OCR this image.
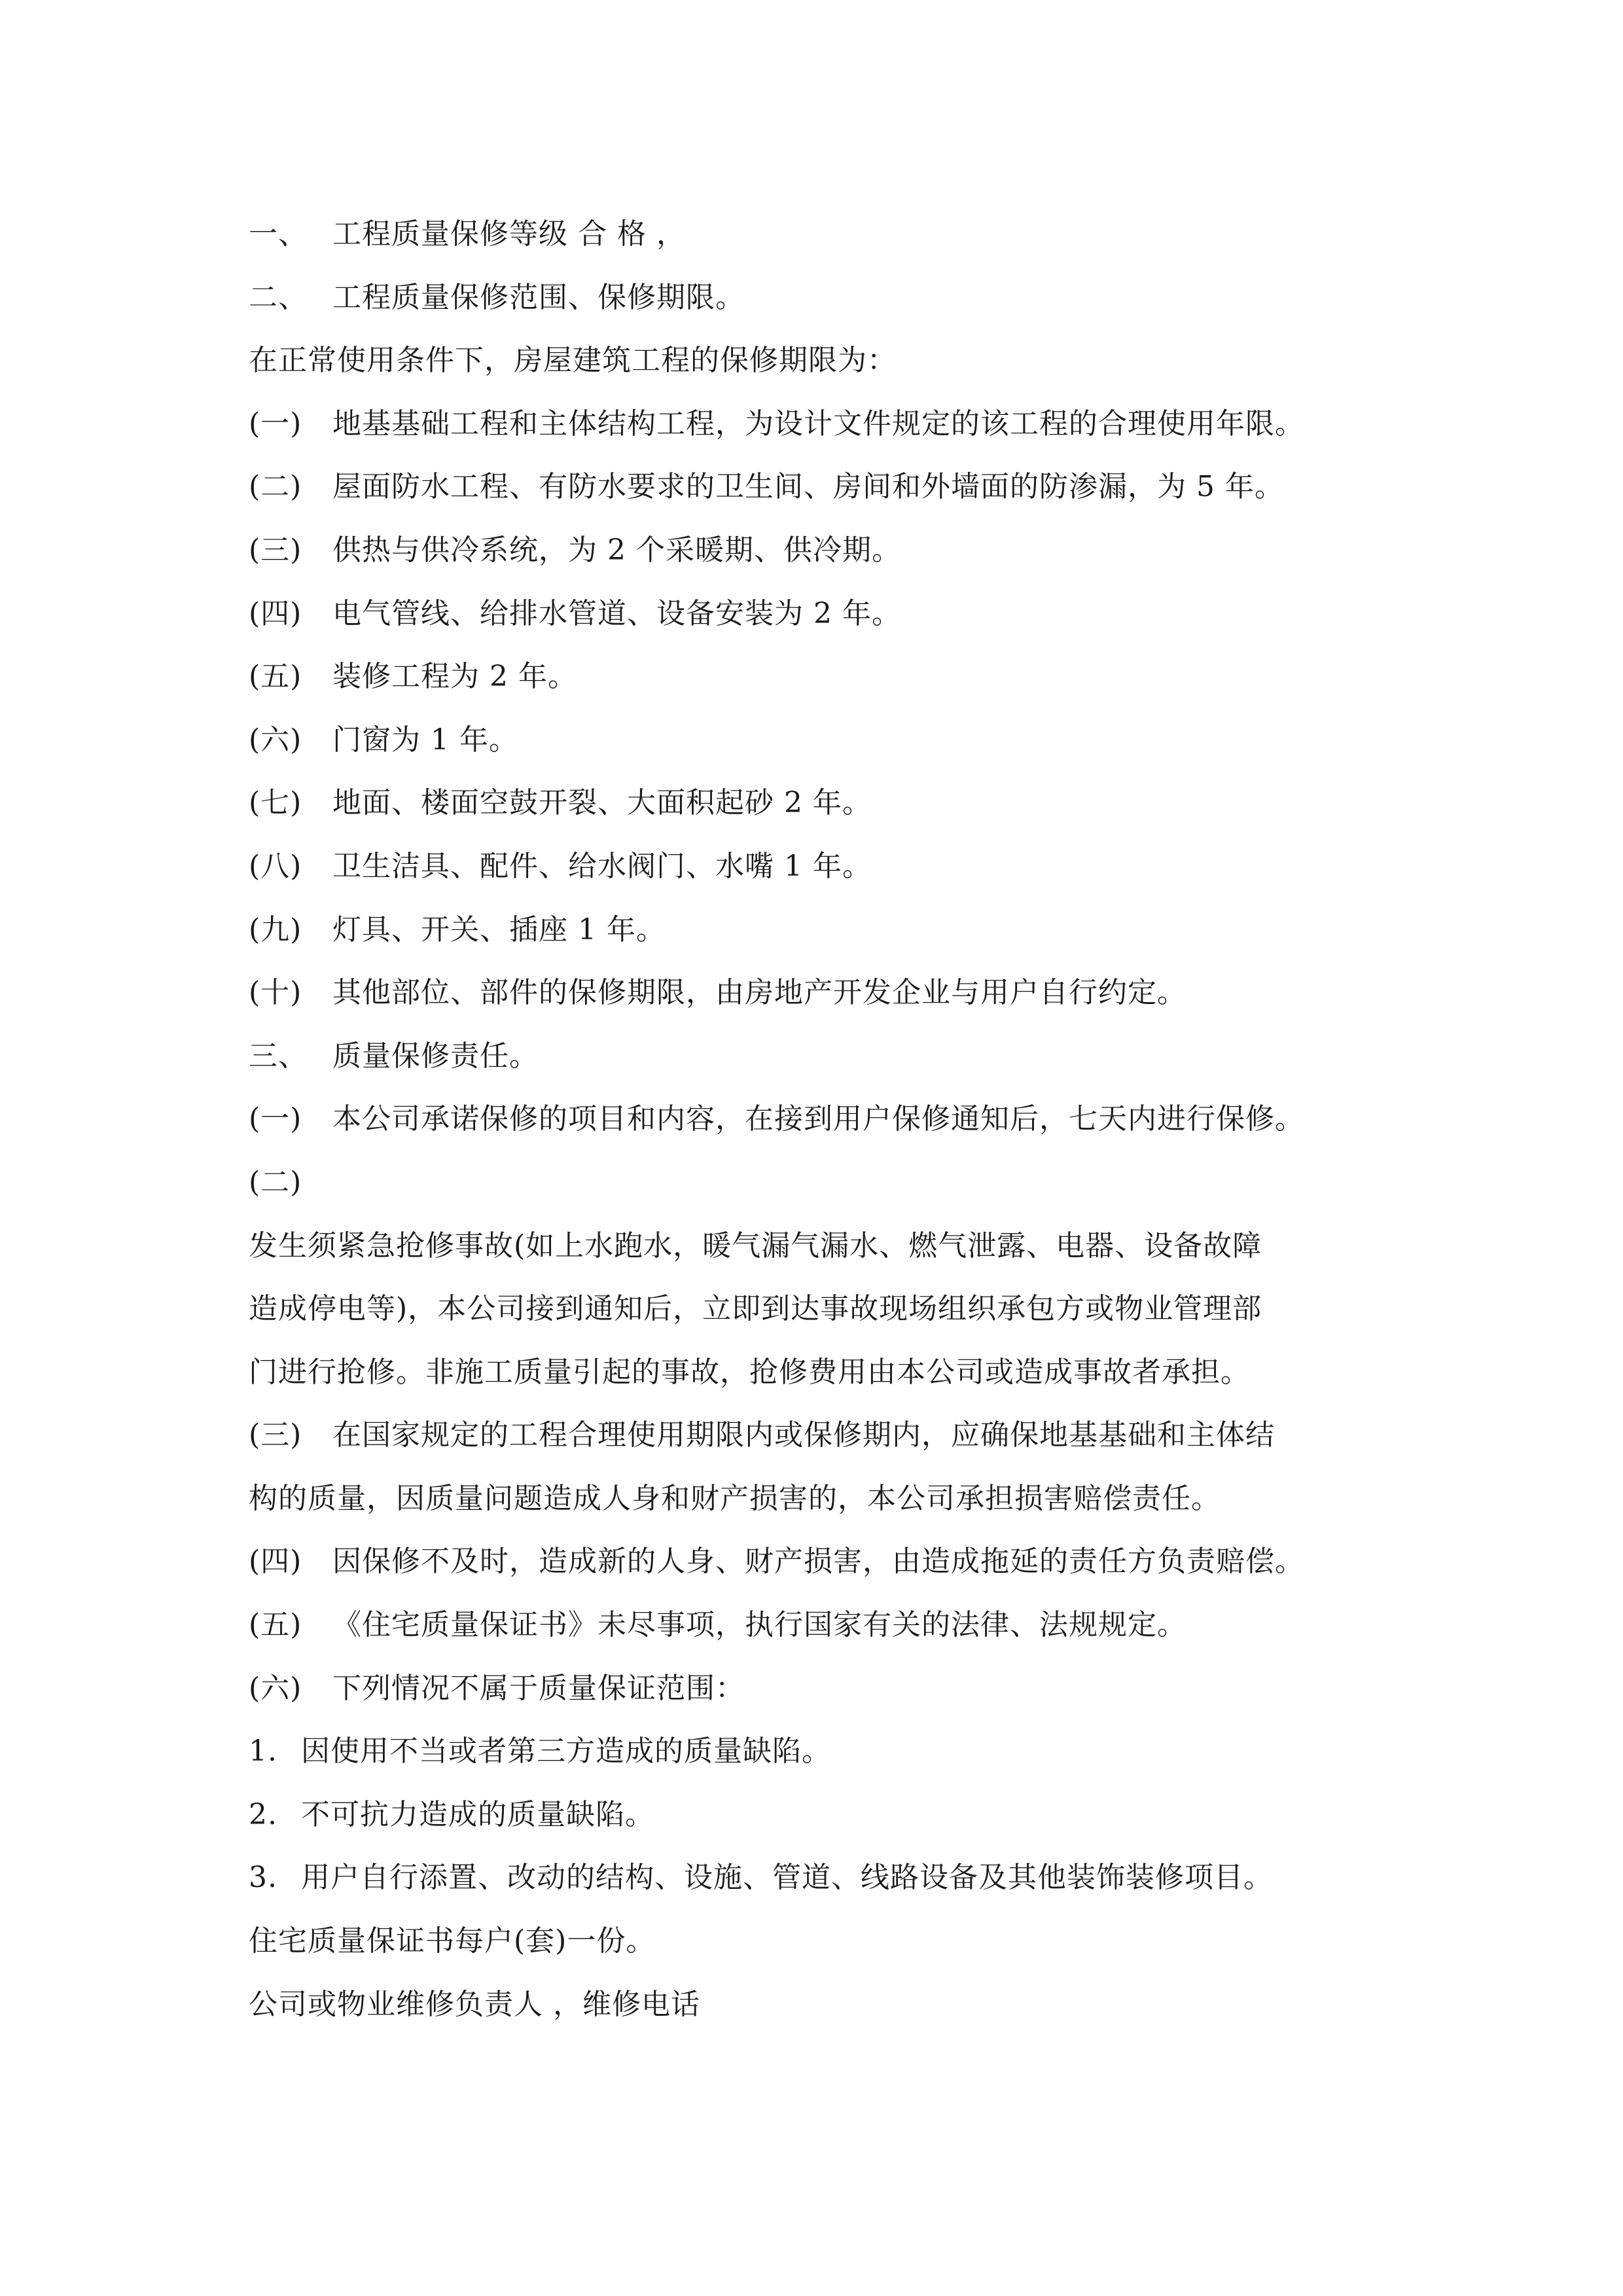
一、 工程质量保修等级 合 格 ，
二、 工程质量保修范围、保修期限。
在正常使用条件下，房屋建筑工程的保修期限为：
(一) 地基基础工程和主体结构工程，为设计文件规定的该工程的合理使用年限。
(二) 屋面防水工程、有防水要求的卫生间、房间和外墙面的防渗漏，为 5 年。
(三) 供热与供冷系统，为 2 个采暖期、供冷期。
(四) 电气管线、给排水管道、设备安装为 2 年。
(五) 装修工程为 2 年。
(六) 门窗为 1 年。
(七) 地面、楼面空鼓开裂、大面积起砂 2 年。
(八) 卫生洁具、配件、给水阀门、水嘴 1 年。
(九) 灯具、开关、插座 1 年。
(十) 其他部位、部件的保修期限，由房地产开发企业与用户自行约定。
三、 质量保修责任。
(一) 本公司承诺保修的项目和内容，在接到用户保修通知后，七天内进行保修。
(二)
发生须紧急抢修事故(如上水跑水，暖气漏气漏水、燃气泄露、电器、设备故障
造成停电等)，本公司接到通知后，立即到达事故现场组织承包方或物业管理部
门进行抢修。非施工质量引起的事故，抢修费用由本公司或造成事故者承担。
(三) 在国家规定的工程合理使用期限内或保修期内，应确保地基基础和主体结
构的质量，因质量问题造成人身和财产损害的，本公司承担损害赔偿责任。
(四) 因保修不及时，造成新的人身、财产损害，由造成拖延的责任方负责赔偿。
(五) 《住宅质量保证书》未尽事项，执行国家有关的法律、法规规定。
(六) 下列情况不属于质量保证范围：
1. 因使用不当或者第三方造成的质量缺陷。
2. 不可抗力造成的质量缺陷。
3. 用户自行添置、改动的结构、设施、管道、线路设备及其他装饰装修项目。
住宅质量保证书每户(套)一份。
公司或物业维修负责人 ，维修电话
